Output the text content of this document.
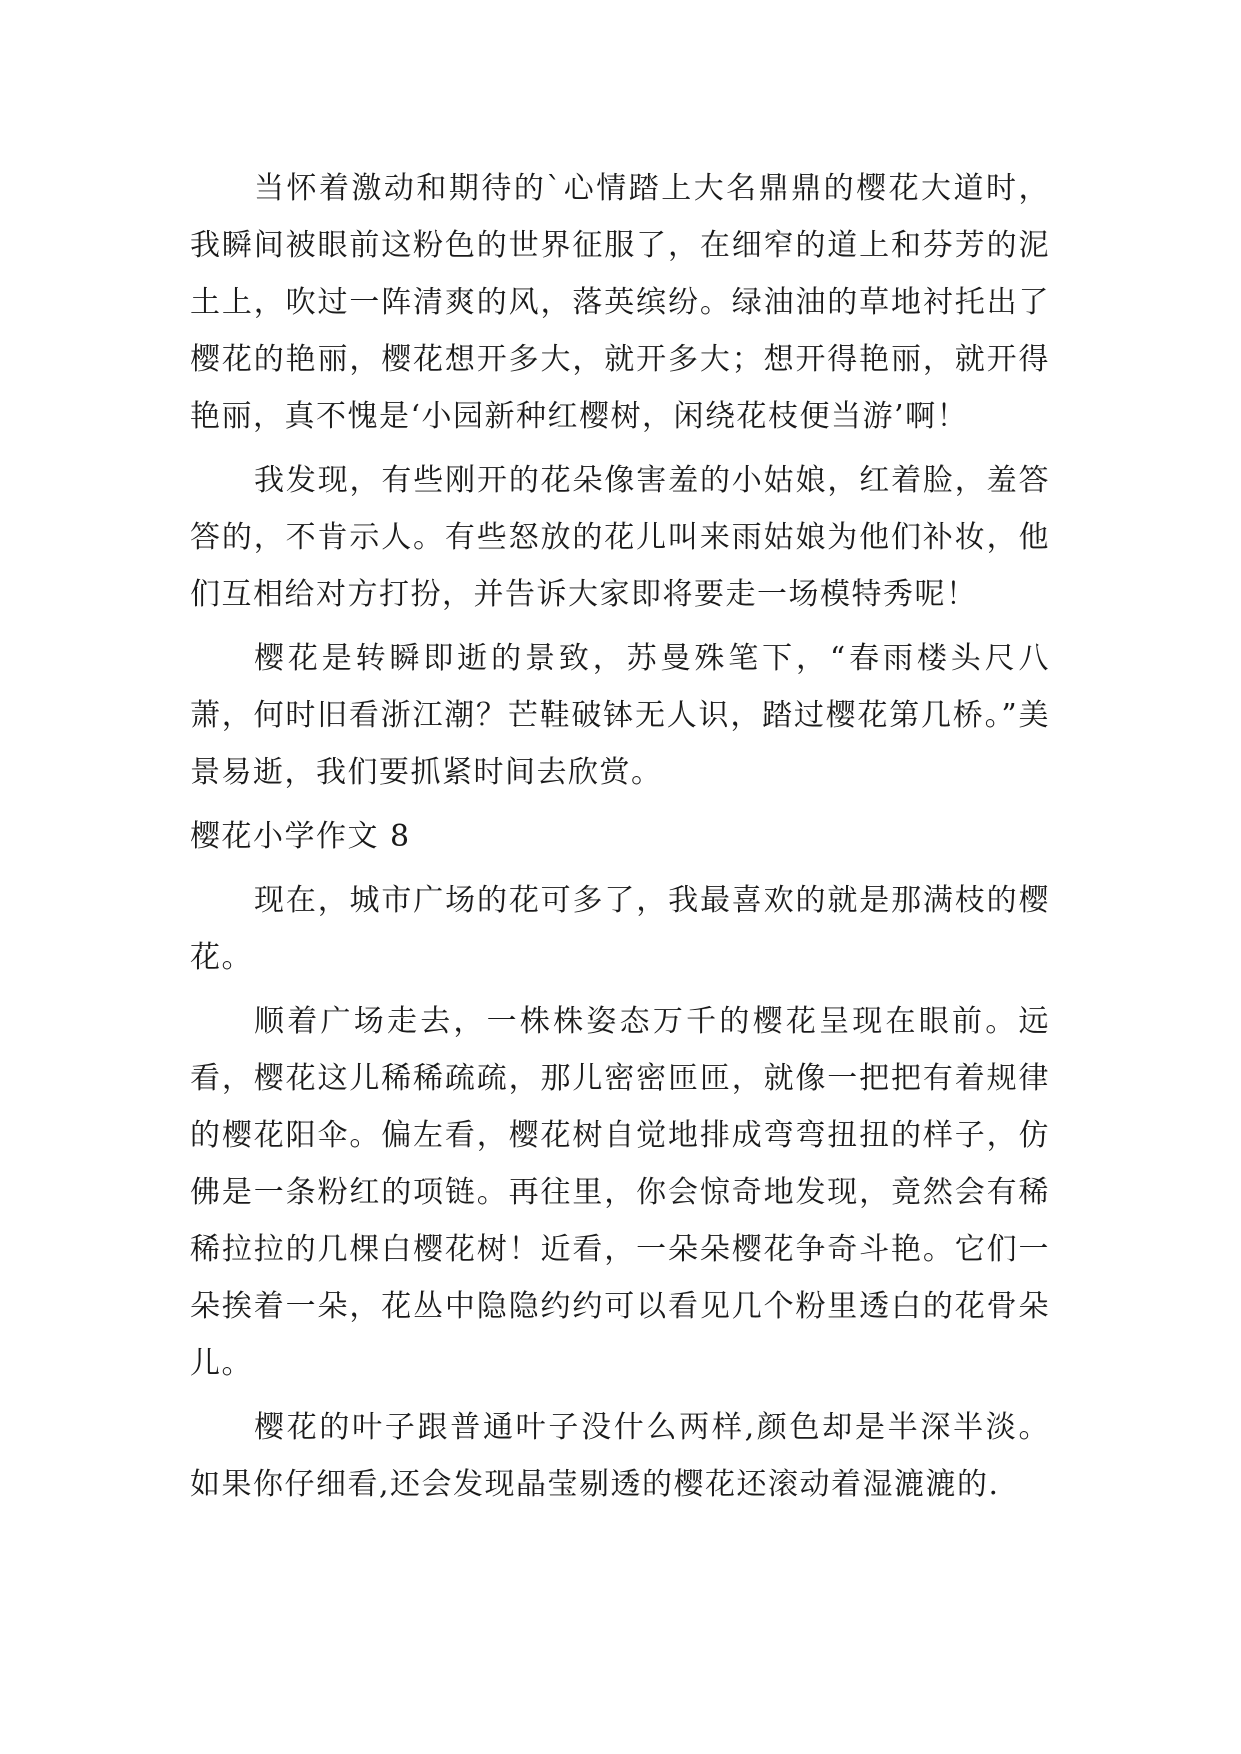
当怀着激动和期待的`心情踏上大名鼎鼎的樱花大道时，我瞬间被眼前这粉色的世界征服了，在细窄的道上和芬芳的泥土上，吹过一阵清爽的风，落英缤纷。绿油油的草地衬托出了樱花的艳丽，樱花想开多大，就开多大；想开得艳丽，就开得艳丽，真不愧是‘小园新种红樱树，闲绕花枝便当游’啊！

我发现，有些刚开的花朵像害羞的小姑娘，红着脸，羞答答的，不肯示人。有些怒放的花儿叫来雨姑娘为他们补妆，他们互相给对方打扮，并告诉大家即将要走一场模特秀呢！

樱花是转瞬即逝的景致，苏曼殊笔下，“春雨楼头尺八萧，何时旧看浙江潮？芒鞋破钵无人识，踏过樱花第几桥。”美景易逝，我们要抓紧时间去欣赏。

樱花小学作文 8

现在，城市广场的花可多了，我最喜欢的就是那满枝的樱花。

顺着广场走去，一株株姿态万千的樱花呈现在眼前。远看，樱花这儿稀稀疏疏，那儿密密匝匝，就像一把把有着规律的樱花阳伞。偏左看，樱花树自觉地排成弯弯扭扭的样子，仿佛是一条粉红的项链。再往里，你会惊奇地发现，竟然会有稀稀拉拉的几棵白樱花树！近看，一朵朵樱花争奇斗艳。它们一朵挨着一朵，花丛中隐隐约约可以看见几个粉里透白的花骨朵儿。

樱花的叶子跟普通叶子没什么两样,颜色却是半深半淡。如果你仔细看,还会发现晶莹剔透的樱花还滚动着湿漉漉的.
